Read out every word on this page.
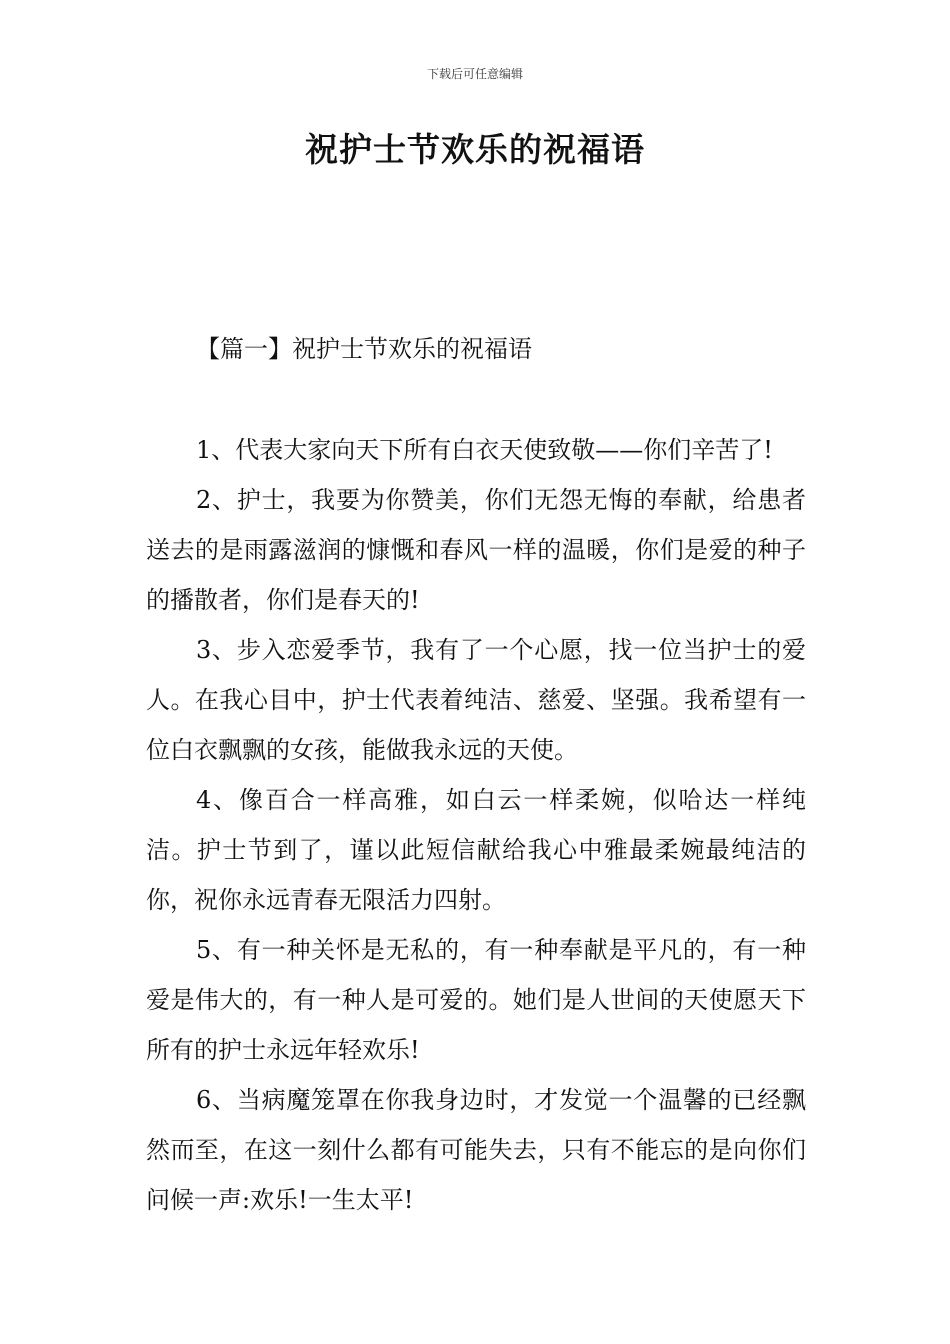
下载后可任意编辑
祝护士节欢乐的祝福语
【篇一】祝护士节欢乐的祝福语

1、代表大家向天下所有白衣天使致敬——你们辛苦了!

2、护士，我要为你赞美，你们无怨无悔的奉献，给患者送去的是雨露滋润的慷慨和春风一样的温暖，你们是爱的种子的播散者，你们是春天的!

3、步入恋爱季节，我有了一个心愿，找一位当护士的爱人。在我心目中，护士代表着纯洁、慈爱、坚强。我希望有一位白衣飘飘的女孩，能做我永远的天使。

4、像百合一样高雅，如白云一样柔婉，似哈达一样纯洁。护士节到了，谨以此短信献给我心中雅最柔婉最纯洁的你，祝你永远青春无限活力四射。

5、有一种关怀是无私的，有一种奉献是平凡的，有一种爱是伟大的，有一种人是可爱的。她们是人世间的天使愿天下所有的护士永远年轻欢乐!

6、当病魔笼罩在你我身边时，才发觉一个温馨的已经飘然而至，在这一刻什么都有可能失去，只有不能忘的是向你们问候一声:欢乐!一生太平!
